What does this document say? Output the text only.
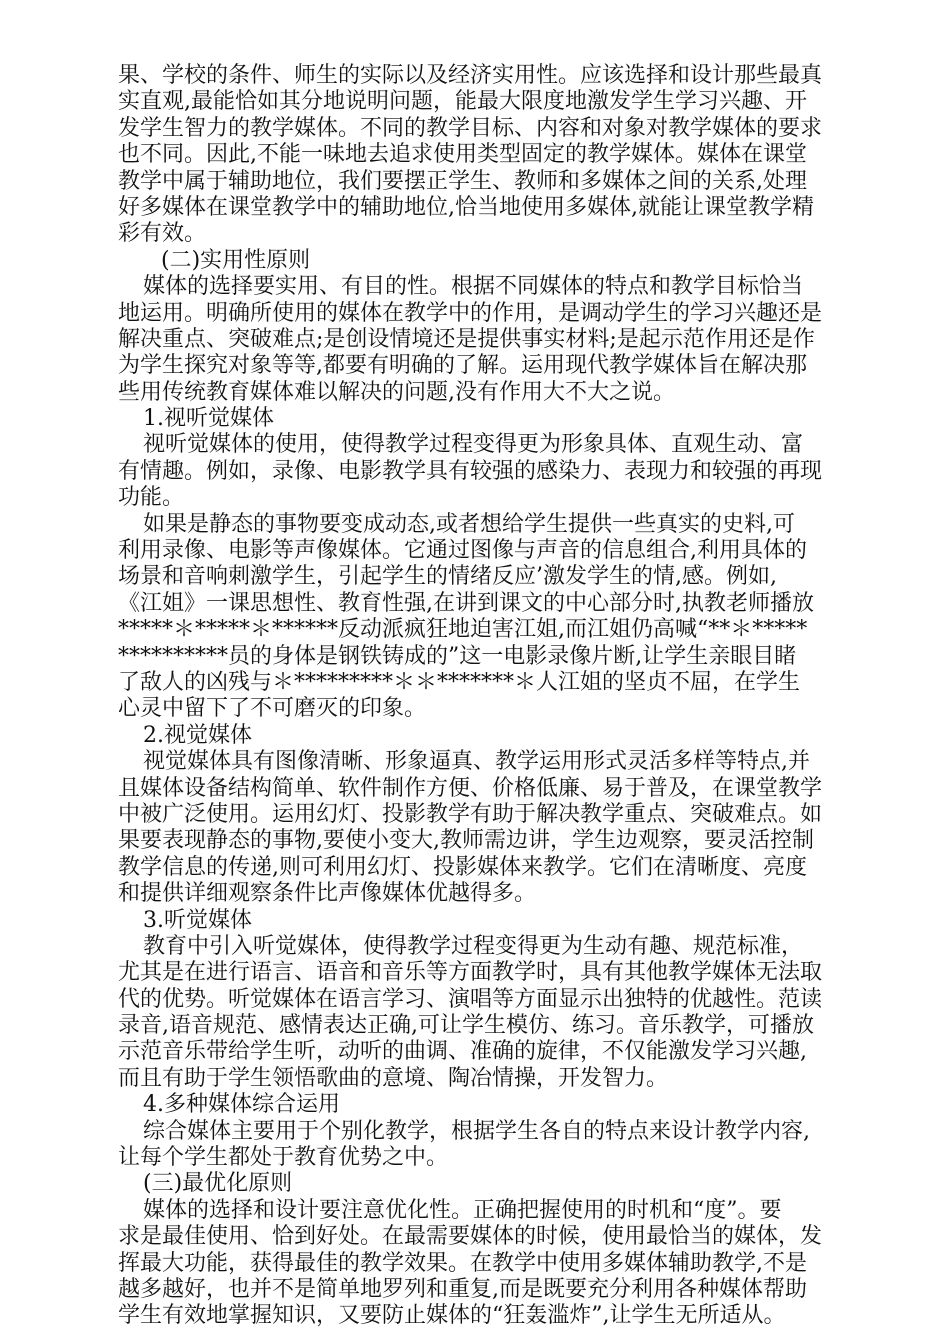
果、学校的条件、师生的实际以及经济实用性。应该选择和设计那些最真
实直观,最能恰如其分地说明问题，能最大限度地激发学生学习兴趣、开
发学生智力的教学媒体。不同的教学目标、内容和对象对教学媒体的要求
也不同。因此,不能一味地去追求使用类型固定的教学媒体。媒体在课堂
教学中属于辅助地位，我们要摆正学生、教师和多媒体之间的关系,处理
好多媒体在课堂教学中的辅助地位,恰当地使用多媒体,就能让课堂教学精
彩有效。
(二)实用性原则
媒体的选择要实用、有目的性。根据不同媒体的特点和教学目标恰当
地运用。明确所使用的媒体在教学中的作用，是调动学生的学习兴趣还是
解决重点、突破难点;是创设情境还是提供事实材料;是起示范作用还是作
为学生探究对象等等,都要有明确的了解。运用现代教学媒体旨在解决那
些用传统教育媒体难以解决的问题,没有作用大不大之说。
1.视听觉媒体
视听觉媒体的使用，使得教学过程变得更为形象具体、直观生动、富
有情趣。例如，录像、电影教学具有较强的感染力、表现力和较强的再现
功能。
如果是静态的事物要变成动态,或者想给学生提供一些真实的史料,可
利用录像、电影等声像媒体。它通过图像与声音的信息组合,利用具体的
场景和音响刺激学生，引起学生的情绪反应’激发学生的情,感。例如,
《江姐》一课思想性、教育性强,在讲到课文的中心部分时,执教老师播放
*****＊*****＊******反动派疯狂地迫害江姐,而江姐仍高喊“**＊*****
**********员的身体是钢铁铸成的”这一电影录像片断,让学生亲眼目睹
了敌人的凶残与＊*********＊＊*******＊人江姐的坚贞不屈，在学生
心灵中留下了不可磨灭的印象。
2.视觉媒体
视觉媒体具有图像清晰、形象逼真、教学运用形式灵活多样等特点,并
且媒体设备结构简单、软件制作方便、价格低廉、易于普及，在课堂教学
中被广泛使用。运用幻灯、投影教学有助于解决教学重点、突破难点。如
果要表现静态的事物,要使小变大,教师需边讲，学生边观察，要灵活控制
教学信息的传递,则可利用幻灯、投影媒体来教学。它们在清晰度、亮度
和提供详细观察条件比声像媒体优越得多。
3.听觉媒体
教育中引入听觉媒体，使得教学过程变得更为生动有趣、规范标准，
尤其是在进行语言、语音和音乐等方面教学时，具有其他教学媒体无法取
代的优势。听觉媒体在语言学习、演唱等方面显示出独特的优越性。范读
录音,语音规范、感情表达正确,可让学生模仿、练习。音乐教学，可播放
示范音乐带给学生听，动听的曲调、准确的旋律，不仅能激发学习兴趣,
而且有助于学生领悟歌曲的意境、陶冶情操，开发智力。
4.多种媒体综合运用
综合媒体主要用于个别化教学，根据学生各自的特点来设计教学内容,
让每个学生都处于教育优势之中。
(三)最优化原则
媒体的选择和设计要注意优化性。正确把握使用的时机和“度”。要
求是最佳使用、恰到好处。在最需要媒体的时候，使用最恰当的媒体，发
挥最大功能，获得最佳的教学效果。在教学中使用多媒体辅助教学,不是
越多越好，也并不是简单地罗列和重复,而是既要充分利用各种媒体帮助
学生有效地掌握知识，又要防止媒体的“狂轰滥炸”,让学生无所适从。
